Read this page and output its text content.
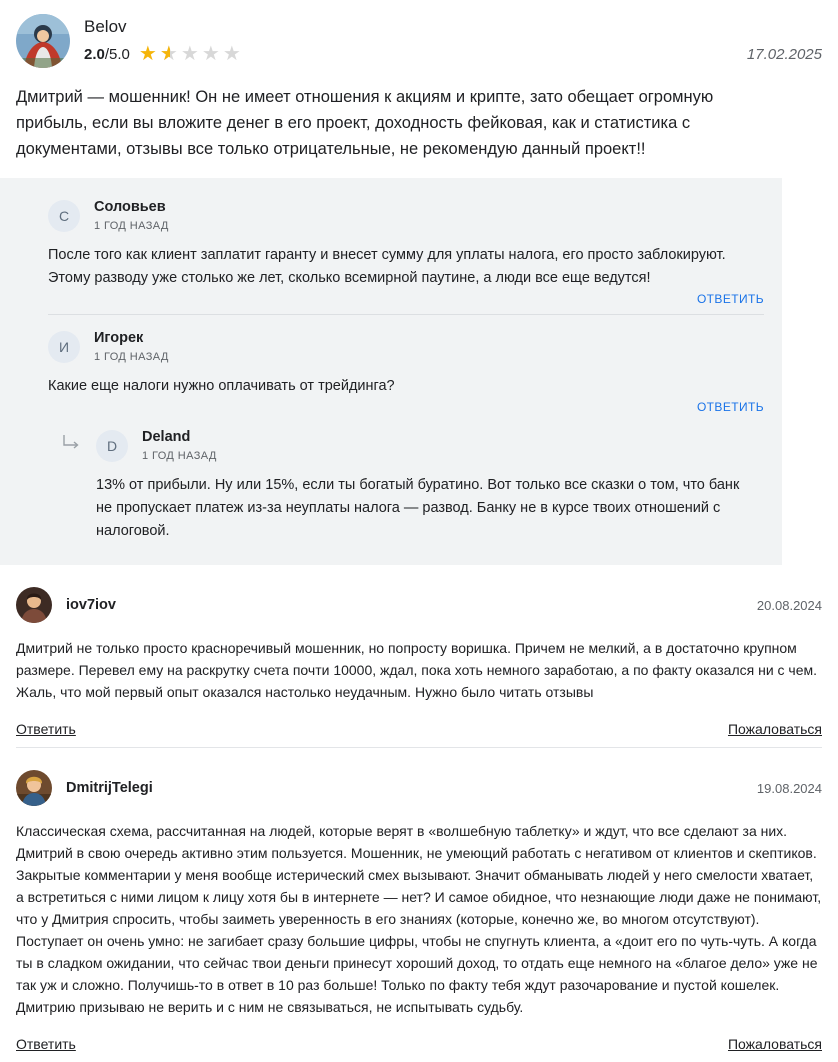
Belov
2.0 /5.0 ★ ★ ★ ★ ★ ★	17.02.2025
Дмитрий — мошенник! Он не имеет отношения к акциям и крипте, зато обещает огромную прибыль, если вы вложите денег в его проект, доходность фейковая, как и статистика с документами, отзывы все только отрицательные, не рекомендую данный проект!!
С
Соловьев
1 ГОД НАЗАД
После того как клиент заплатит гаранту и внесет сумму для уплаты налога, его просто заблокируют. Этому разводу уже столько же лет, сколько всемирной паутине, а люди все еще ведутся!
ОТВЕТИТЬ
И
Игорек
1 ГОД НАЗАД
Какие еще налоги нужно оплачивать от трейдинга?
ОТВЕТИТЬ
D
Deland
1 ГОД НАЗАД
13% от прибыли. Ну или 15%, если ты богатый буратино. Вот только все сказки о том, что банк не пропускает платеж из-за неуплаты налога — развод. Банку не в курсе твоих отношений с налоговой.
iov7iov	20.08.2024
Дмитрий не только просто красноречивый мошенник, но попросту воришка. Причем не мелкий, а в достаточно крупном размере. Перевел ему на раскрутку счета почти 10000, ждал, пока хоть немного заработаю, а по факту оказался ни с чем. Жаль, что мой первый опыт оказался настолько неудачным. Нужно было читать отзывы
Ответить	Пожаловаться
DmitrijTelegi	19.08.2024
Классическая схема, рассчитанная на людей, которые верят в «волшебную таблетку» и ждут, что все сделают за них. Дмитрий в свою очередь активно этим пользуется. Мошенник, не умеющий работать с негативом от клиентов и скептиков. Закрытые комментарии у меня вообще истерический смех вызывают. Значит обманывать людей у него смелости хватает, а встретиться с ними лицом к лицу хотя бы в интернете — нет? И самое обидное, что незнающие люди даже не понимают, что у Дмитрия спросить, чтобы заиметь уверенность в его знаниях (которые, конечно же, во многом отсутствуют). Поступает он очень умно: не загибает сразу большие цифры, чтобы не спугнуть клиента, а «доит его по чуть-чуть. А когда ты в сладком ожидании, что сейчас твои деньги принесут хороший доход, то отдать еще немного на «благое дело» уже не так уж и сложно. Получишь-то в ответ в 10 раз больше! Только по факту тебя ждут разочарование и пустой кошелек. Дмитрию призываю не верить и с ним не связываться, не испытывать судьбу.
Ответить	Пожаловаться
